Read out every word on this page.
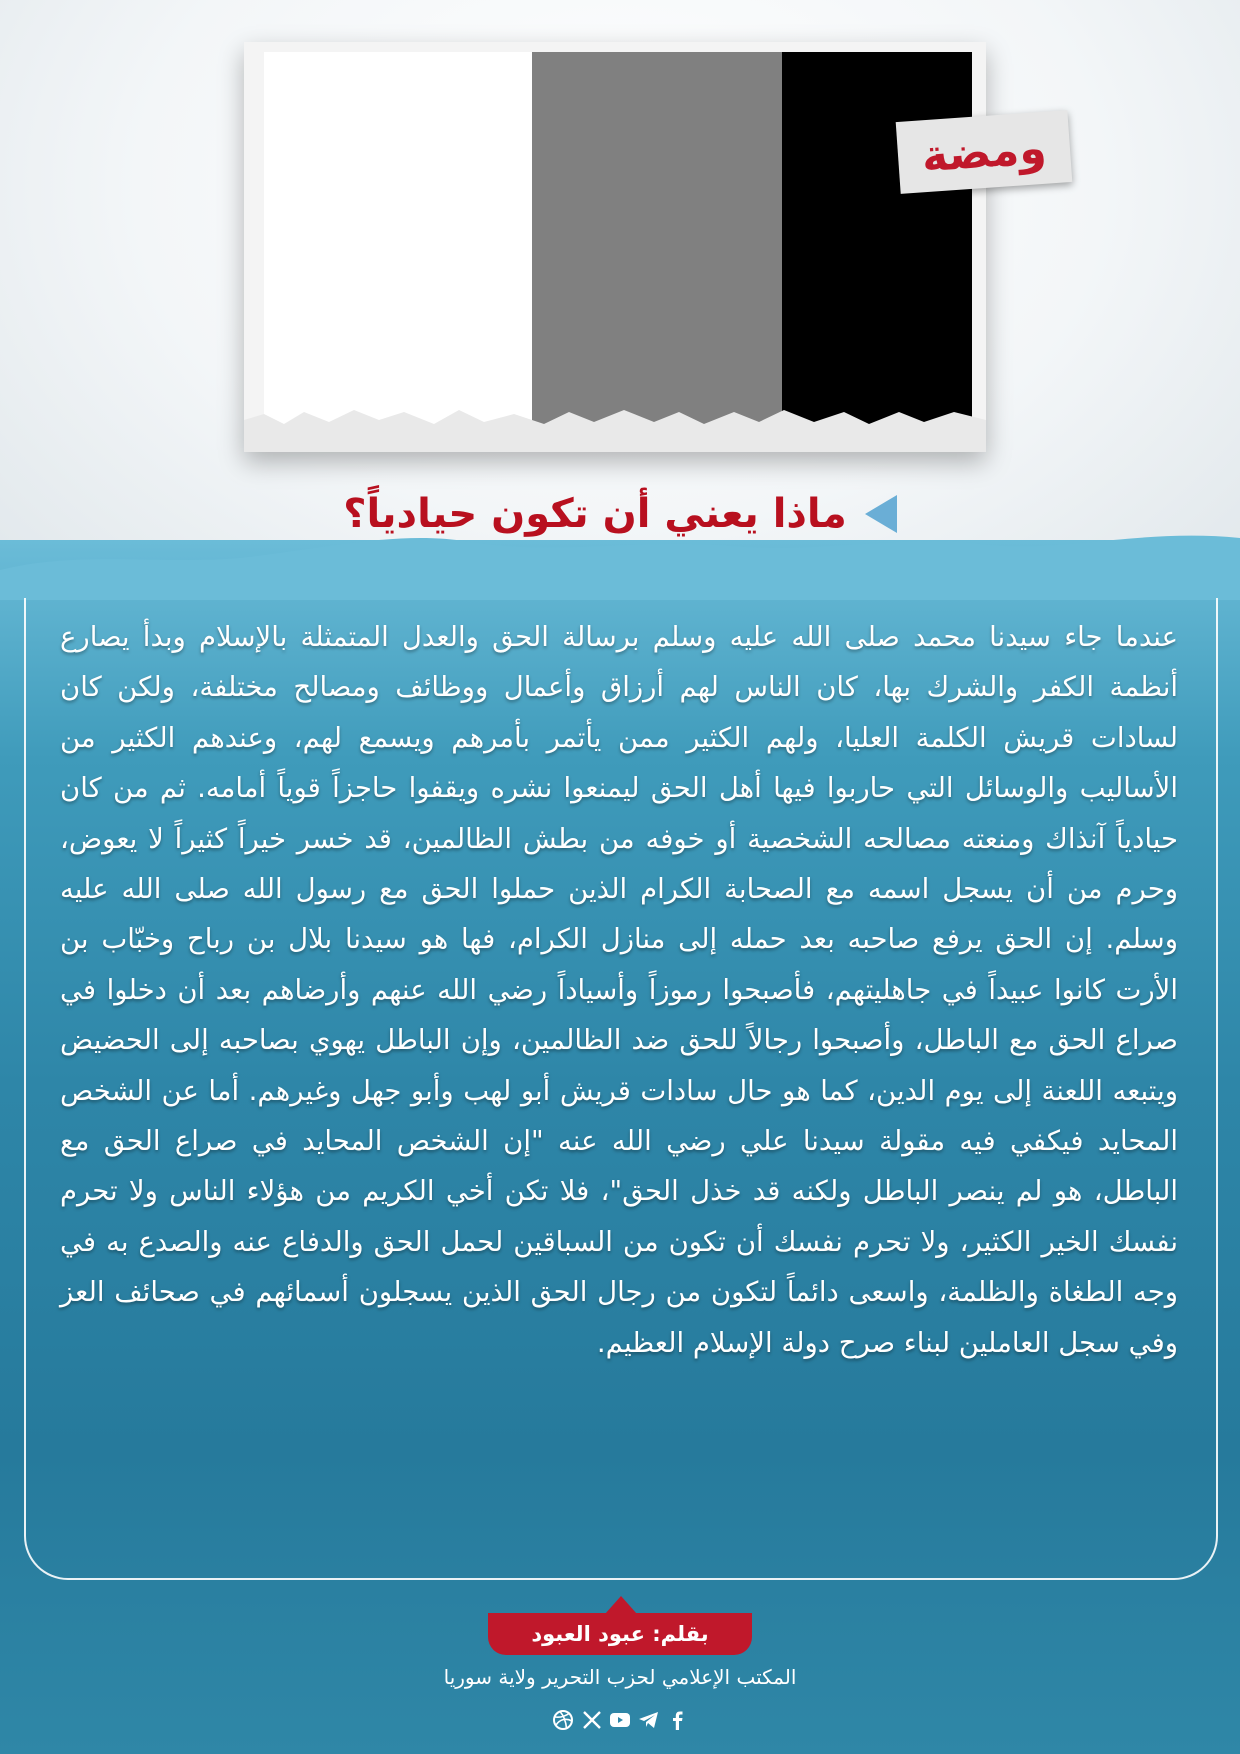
ومضة
ماذا يعني أن تكون حيادياً؟

عندما جاء سيدنا محمد صلى الله عليه وسلم برسالة الحق والعدل المتمثلة بالإسلام وبدأ يصارع أنظمة الكفر والشرك بها، كان الناس لهم أرزاق وأعمال ووظائف ومصالح مختلفة، ولكن كان لسادات قريش الكلمة العليا، ولهم الكثير ممن يأتمر بأمرهم ويسمع لهم، وعندهم الكثير من الأساليب والوسائل التي حاربوا فيها أهل الحق ليمنعوا نشره ويقفوا حاجزاً قوياً أمامه. ثم من كان حيادياً آنذاك ومنعته مصالحه الشخصية أو خوفه من بطش الظالمين، قد خسر خيراً كثيراً لا يعوض، وحرم من أن يسجل اسمه مع الصحابة الكرام الذين حملوا الحق مع رسول الله صلى الله عليه وسلم. إن الحق يرفع صاحبه بعد حمله إلى منازل الكرام، فها هو سيدنا بلال بن رباح وخبّاب بن الأرت كانوا عبيداً في جاهليتهم، فأصبحوا رموزاً وأسياداً رضي الله عنهم وأرضاهم بعد أن دخلوا في صراع الحق مع الباطل، وأصبحوا رجالاً للحق ضد الظالمين، وإن الباطل يهوي بصاحبه إلى الحضيض ويتبعه اللعنة إلى يوم الدين، كما هو حال سادات قريش أبو لهب وأبو جهل وغيرهم. أما عن الشخص المحايد فيكفي فيه مقولة سيدنا علي رضي الله عنه "إن الشخص المحايد في صراع الحق مع الباطل، هو لم ينصر الباطل ولكنه قد خذل الحق"، فلا تكن أخي الكريم من هؤلاء الناس ولا تحرم نفسك الخير الكثير، ولا تحرم نفسك أن تكون من السباقين لحمل الحق والدفاع عنه والصدع به في وجه الطغاة والظلمة، واسعى دائماً لتكون من رجال الحق الذين يسجلون أسمائهم في صحائف العز وفي سجل العاملين لبناء صرح دولة الإسلام العظيم.

بقلم: عبود العبود
المكتب الإعلامي لحزب التحرير ولاية سوريا
